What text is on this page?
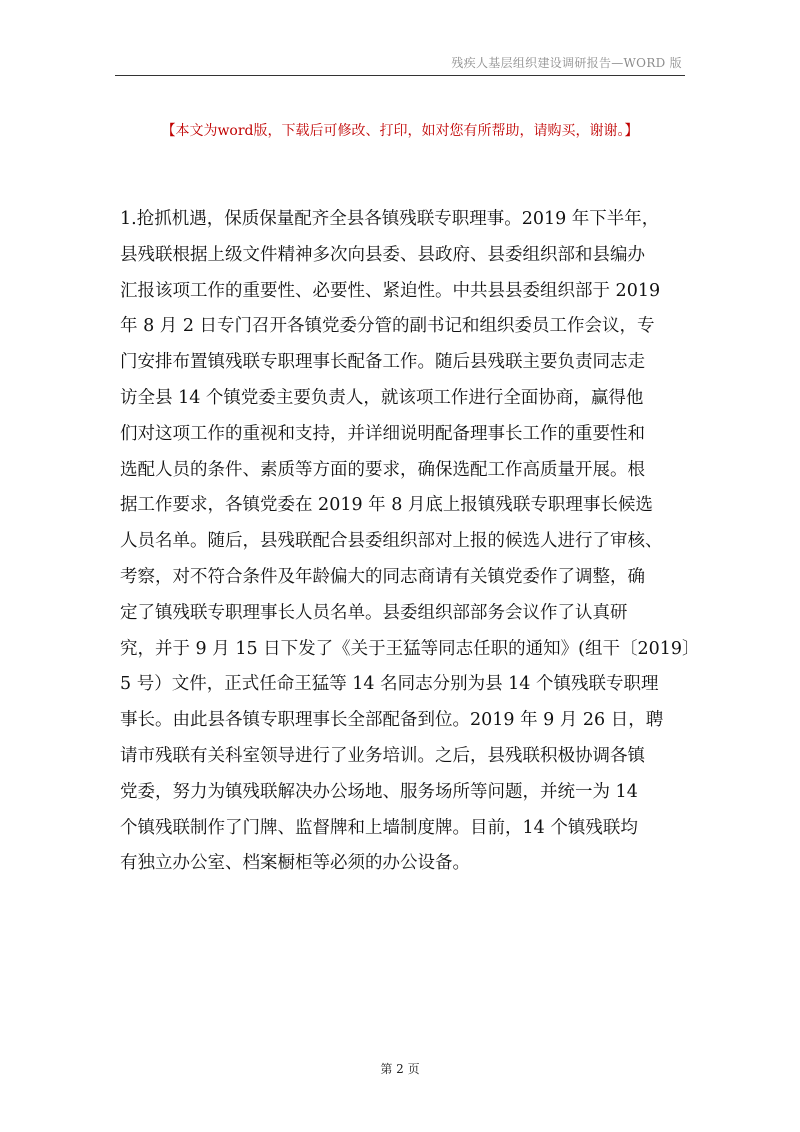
残疾人基层组织建设调研报告—WORD 版
【本文为word版，下载后可修改、打印，如对您有所帮助，请购买，谢谢。】
1.抢抓机遇，保质保量配齐全县各镇残联专职理事。2019 年下半年，
县残联根据上级文件精神多次向县委、县政府、县委组织部和县编办
汇报该项工作的重要性、必要性、紧迫性。中共县县委组织部于 2019
年 8 月 2 日专门召开各镇党委分管的副书记和组织委员工作会议，专
门安排布置镇残联专职理事长配备工作。随后县残联主要负责同志走
访全县 14 个镇党委主要负责人，就该项工作进行全面协商，赢得他
们对这项工作的重视和支持，并详细说明配备理事长工作的重要性和
选配人员的条件、素质等方面的要求，确保选配工作高质量开展。根
据工作要求，各镇党委在 2019 年 8 月底上报镇残联专职理事长候选
人员名单。随后，县残联配合县委组织部对上报的候选人进行了审核、
考察，对不符合条件及年龄偏大的同志商请有关镇党委作了调整，确
定了镇残联专职理事长人员名单。县委组织部部务会议作了认真研
究，并于 9 月 15 日下发了《关于王猛等同志任职的通知》(组干〔2019〕
5 号）文件，正式任命王猛等 14 名同志分别为县 14 个镇残联专职理
事长。由此县各镇专职理事长全部配备到位。2019 年 9 月 26 日，聘
请市残联有关科室领导进行了业务培训。之后，县残联积极协调各镇
党委，努力为镇残联解决办公场地、服务场所等问题，并统一为 14
个镇残联制作了门牌、监督牌和上墙制度牌。目前，14 个镇残联均
有独立办公室、档案橱柜等必须的办公设备。
第 2 页
